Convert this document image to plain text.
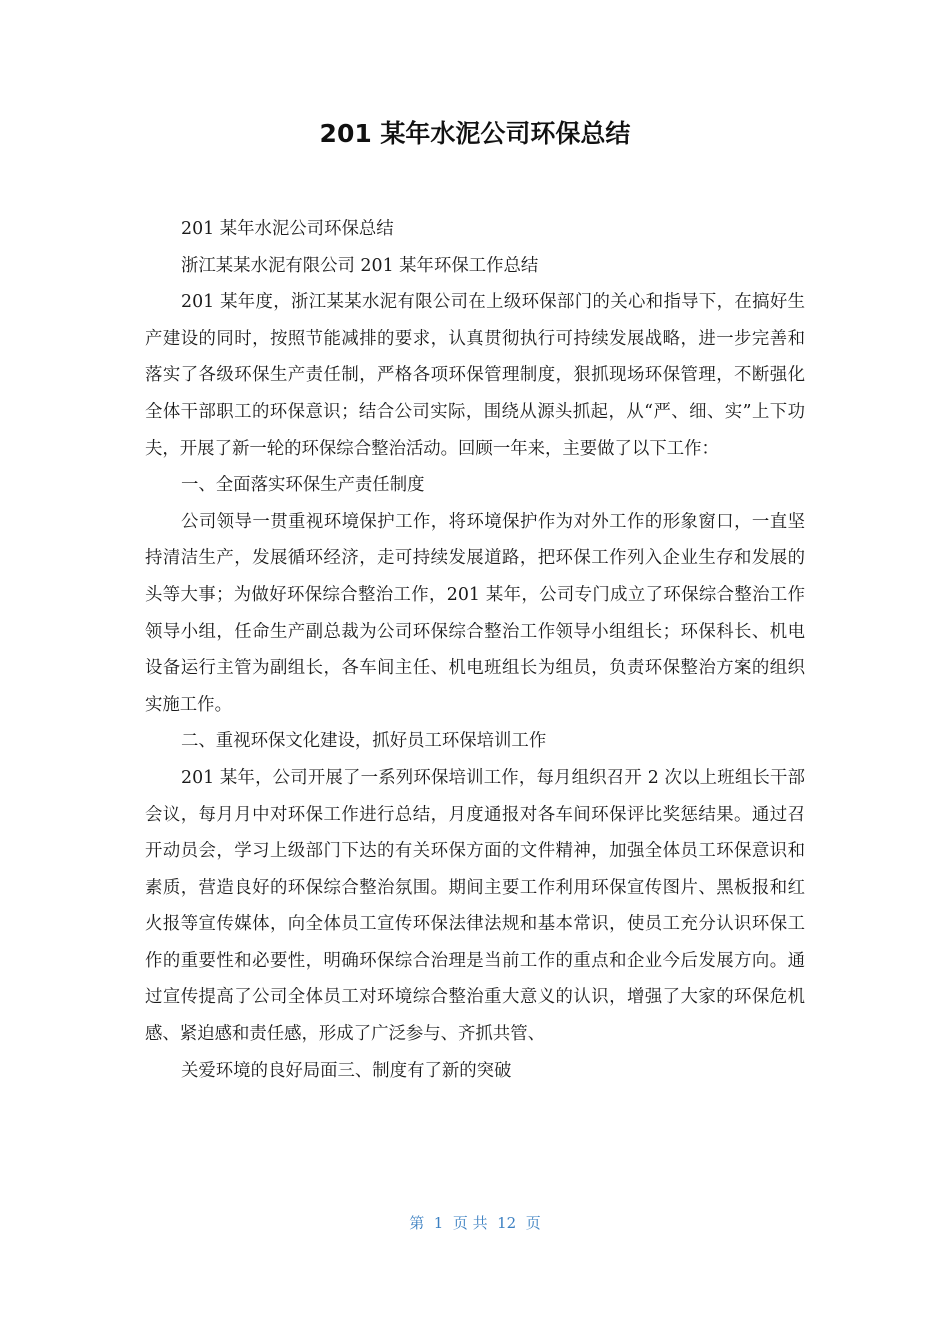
201 某年水泥公司环保总结

201 某年水泥公司环保总结

浙江某某水泥有限公司 201 某年环保工作总结

201 某年度，浙江某某水泥有限公司在上级环保部门的关心和指导下，在搞好生产建设的同时，按照节能减排的要求，认真贯彻执行可持续发展战略，进一步完善和落实了各级环保生产责任制，严格各项环保管理制度，狠抓现场环保管理，不断强化全体干部职工的环保意识；结合公司实际，围绕从源头抓起，从“严、细、实”上下功夫，开展了新一轮的环保综合整治活动。回顾一年来，主要做了以下工作：

一、全面落实环保生产责任制度

公司领导一贯重视环境保护工作，将环境保护作为对外工作的形象窗口，一直坚持清洁生产，发展循环经济，走可持续发展道路，把环保工作列入企业生存和发展的头等大事；为做好环保综合整治工作，201 某年，公司专门成立了环保综合整治工作领导小组，任命生产副总裁为公司环保综合整治工作领导小组组长；环保科长、机电设备运行主管为副组长，各车间主任、机电班组长为组员，负责环保整治方案的组织实施工作。

二、重视环保文化建设，抓好员工环保培训工作

201 某年，公司开展了一系列环保培训工作，每月组织召开 2 次以上班组长干部会议，每月月中对环保工作进行总结，月度通报对各车间环保评比奖惩结果。通过召开动员会，学习上级部门下达的有关环保方面的文件精神，加强全体员工环保意识和素质，营造良好的环保综合整治氛围。期间主要工作利用环保宣传图片、黑板报和红火报等宣传媒体，向全体员工宣传环保法律法规和基本常识，使员工充分认识环保工作的重要性和必要性，明确环保综合治理是当前工作的重点和企业今后发展方向。通过宣传提高了公司全体员工对环境综合整治重大意义的认识，增强了大家的环保危机感、紧迫感和责任感，形成了广泛参与、齐抓共管、

关爱环境的良好局面三、制度有了新的突破

第  1  页 共  12  页
